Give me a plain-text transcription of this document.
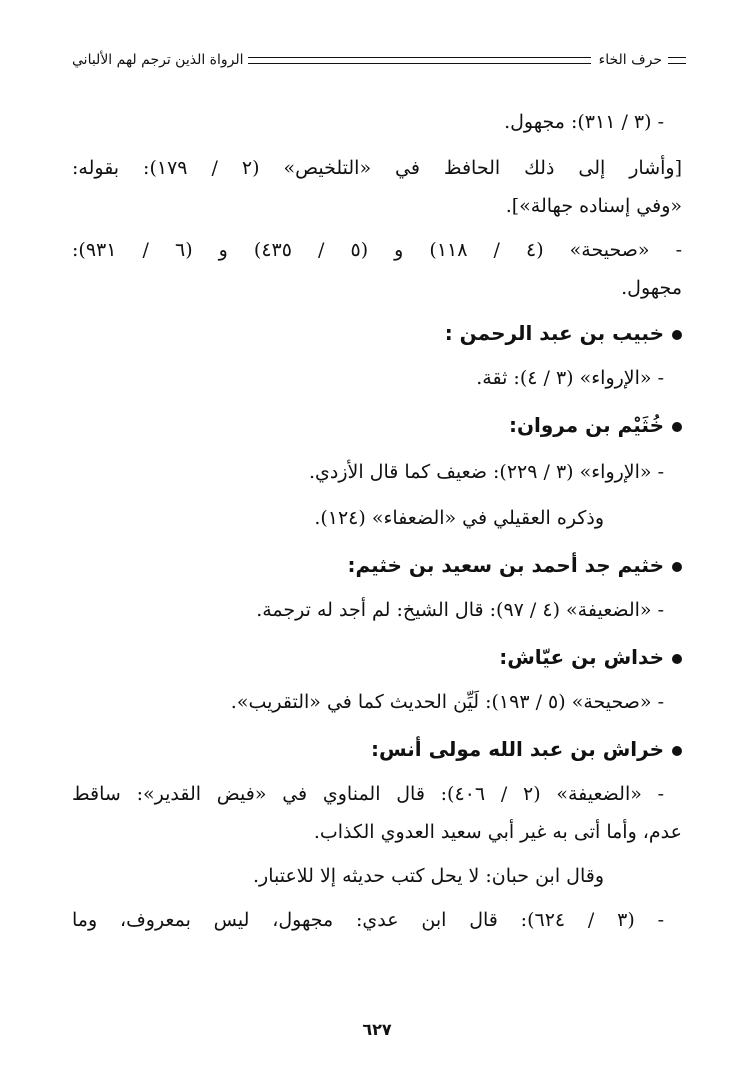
حرف الخاء
الرواة الذين ترجم لهم الألباني
- (٣ / ٣١١): مجهول.
[وأشار إلى ذلك الحافظ في «التلخيص» (٢ / ١٧٩): بقوله:
«وفي إسناده جهالة»].
- «صحيحة» (٤ / ١١٨) و (٥ / ٤٣٥) و (٦ / ٩٣١):
مجهول.
خبيب بن عبد الرحمن :
- «الإرواء» (٣ / ٤): ثقة.
خُثَيْم بن مروان:
- «الإرواء» (٣ / ٢٢٩): ضعيف كما قال الأزدي.
وذكره العقيلي في «الضعفاء» (١٢٤).
خثيم جد أحمد بن سعيد بن خثيم:
- «الضعيفة» (٤ / ٩٧): قال الشيخ: لم أجد له ترجمة.
خداش بن عيّاش:
- «صحيحة» (٥ / ١٩٣): لَيِّن الحديث كما في «التقريب».
خراش بن عبد الله مولى أنس:
- «الضعيفة» (٢ / ٤٠٦): قال المناوي في «فيض القدير»: ساقط
عدم، وأما أتى به غير أبي سعيد العدوي الكذاب.
وقال ابن حبان: لا يحل كتب حديثه إلا للاعتبار.
- (٣ / ٦٢٤): قال ابن عدي: مجهول، ليس بمعروف، وما
٦٢٧
